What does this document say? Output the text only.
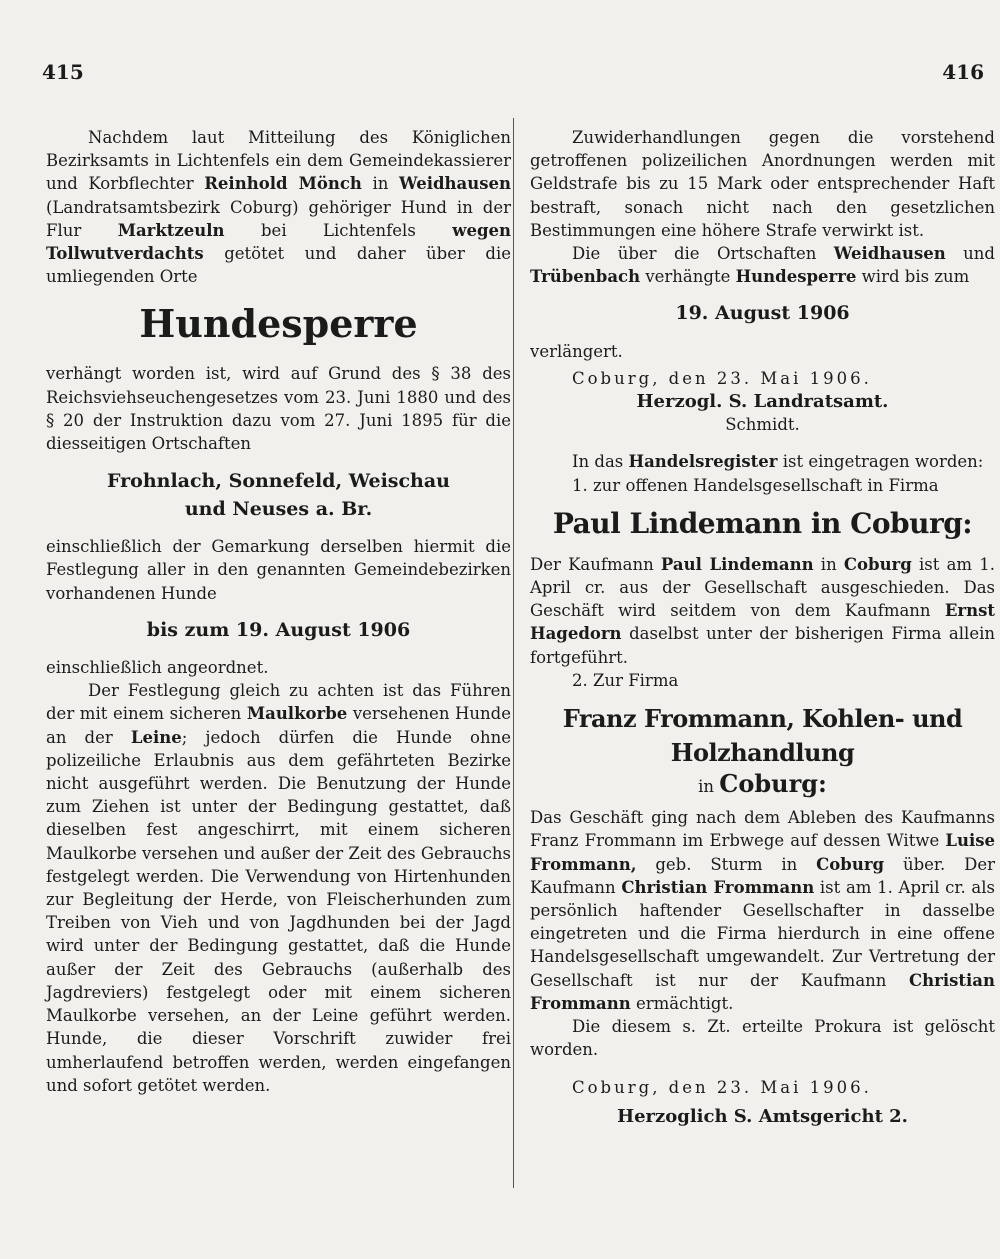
415	416

Nachdem laut Mitteilung des Königlichen Bezirksamts in Lichtenfels ein dem Gemeindekassierer und Korbflechter Reinhold Mönch in Weidhausen (Landratsamtsbezirk Coburg) gehöriger Hund in der Flur Marktzeuln bei Lichtenfels wegen Tollwutverdachts getötet und daher über die umliegenden Orte

Hundesperre

verhängt worden ist, wird auf Grund des § 38 des Reichsviehseuchengesetzes vom 23. Juni 1880 und des § 20 der Instruktion dazu vom 27. Juni 1895 für die diesseitigen Ortschaften

Frohnlach, Sonnefeld, Weischau
und Neuses a. Br.

einschließlich der Gemarkung derselben hiermit die Festlegung aller in den genannten Gemeindebezirken vorhandenen Hunde

bis zum 19. August 1906

einschließlich angeordnet.

Der Festlegung gleich zu achten ist das Führen der mit einem sicheren Maulkorbe versehenen Hunde an der Leine; jedoch dürfen die Hunde ohne polizeiliche Erlaubnis aus dem gefährteten Bezirke nicht ausgeführt werden. Die Benutzung der Hunde zum Ziehen ist unter der Bedingung gestattet, daß dieselben fest angeschirrt, mit einem sicheren Maulkorbe versehen und außer der Zeit des Gebrauchs festgelegt werden. Die Verwendung von Hirtenhunden zur Begleitung der Herde, von Fleischerhunden zum Treiben von Vieh und von Jagdhunden bei der Jagd wird unter der Bedingung gestattet, daß die Hunde außer der Zeit des Gebrauchs (außerhalb des Jagdreviers) festgelegt oder mit einem sicheren Maulkorbe versehen, an der Leine geführt werden. Hunde, die dieser Vorschrift zuwider frei umherlaufend betroffen werden, werden eingefangen und sofort getötet werden.

Zuwiderhandlungen gegen die vorstehend getroffenen polizeilichen Anordnungen werden mit Geldstrafe bis zu 15 Mark oder entsprechender Haft bestraft, sonach nicht nach den gesetzlichen Bestimmungen eine höhere Strafe verwirkt ist.

Die über die Ortschaften Weidhausen und Trübenbach verhängte Hundesperre wird bis zum

19. August 1906

verlängert.

Coburg, den 23. Mai 1906.

Herzogl. S. Landratsamt.
Schmidt.

In das Handelsregister ist eingetragen worden:

1. zur offenen Handelsgesellschaft in Firma

Paul Lindemann in Coburg:

Der Kaufmann Paul Lindemann in Coburg ist am 1. April cr. aus der Gesellschaft ausgeschieden. Das Geschäft wird seitdem von dem Kaufmann Ernst Hagedorn daselbst unter der bisherigen Firma allein fortgeführt.

2. Zur Firma

Franz Frommann, Kohlen- und Holzhandlung
in Coburg:

Das Geschäft ging nach dem Ableben des Kaufmanns Franz Frommann im Erbwege auf dessen Witwe Luise Frommann, geb. Sturm in Coburg über. Der Kaufmann Christian Frommann ist am 1. April cr. als persönlich haftender Gesellschafter in dasselbe eingetreten und die Firma hierdurch in eine offene Handelsgesellschaft umgewandelt. Zur Vertretung der Gesellschaft ist nur der Kaufmann Christian Frommann ermächtigt.

Die diesem s. Zt. erteilte Prokura ist gelöscht worden.

Coburg, den 23. Mai 1906.

Herzoglich S. Amtsgericht 2.
